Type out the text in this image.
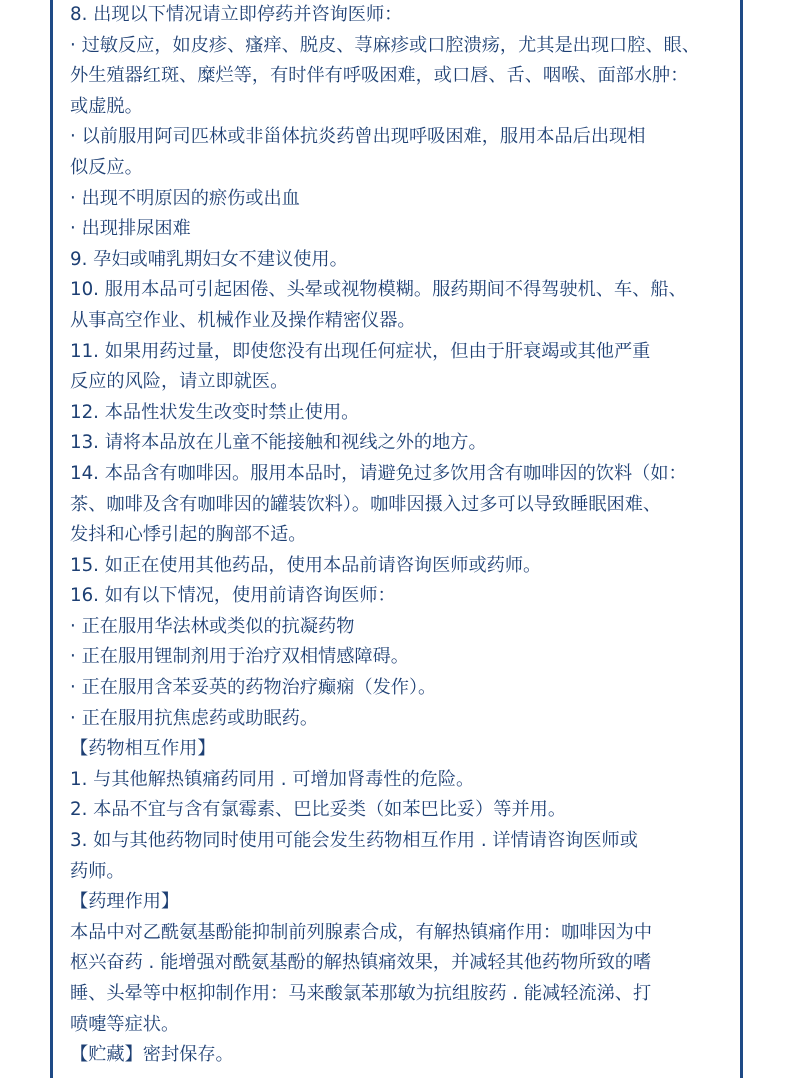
8. 出现以下情况请立即停药并咨询医师：
· 过敏反应，如皮疹、瘙痒、脱皮、荨麻疹或口腔溃疡，尤其是出现口腔、眼、
外生殖器红斑、糜烂等，有时伴有呼吸困难，或口唇、舌、咽喉、面部水肿：
或虚脱。
· 以前服用阿司匹林或非甾体抗炎药曾出现呼吸困难，服用本品后出现相
似反应。
· 出现不明原因的瘀伤或出血
· 出现排尿困难
9. 孕妇或哺乳期妇女不建议使用。
10. 服用本品可引起困倦、头晕或视物模糊。服药期间不得驾驶机、车、船、
从事高空作业、机械作业及操作精密仪器。
11. 如果用药过量，即使您没有出现任何症状，但由于肝衰竭或其他严重
反应的风险，请立即就医。
12. 本品性状发生改变时禁止使用。
13. 请将本品放在儿童不能接触和视线之外的地方。
14. 本品含有咖啡因。服用本品时，请避免过多饮用含有咖啡因的饮料（如：
茶、咖啡及含有咖啡因的罐装饮料）。咖啡因摄入过多可以导致睡眠困难、
发抖和心悸引起的胸部不适。
15. 如正在使用其他药品，使用本品前请咨询医师或药师。
16. 如有以下情况，使用前请咨询医师：
· 正在服用华法林或类似的抗凝药物
· 正在服用锂制剂用于治疗双相情感障碍。
· 正在服用含苯妥英的药物治疗癫痫（发作）。
· 正在服用抗焦虑药或助眠药。
【药物相互作用】
1. 与其他解热镇痛药同用 . 可增加肾毒性的危险。
2. 本品不宜与含有氯霉素、巴比妥类（如苯巴比妥）等并用。
3. 如与其他药物同时使用可能会发生药物相互作用 . 详情请咨询医师或
药师。
【药理作用】
本品中对乙酰氨基酚能抑制前列腺素合成，有解热镇痛作用：咖啡因为中
枢兴奋药 . 能增强对酰氨基酚的解热镇痛效果，并减轻其他药物所致的嗜
睡、头晕等中枢抑制作用：马来酸氯苯那敏为抗组胺药 . 能减轻流涕、打
喷嚏等症状。
【贮藏】密封保存。
